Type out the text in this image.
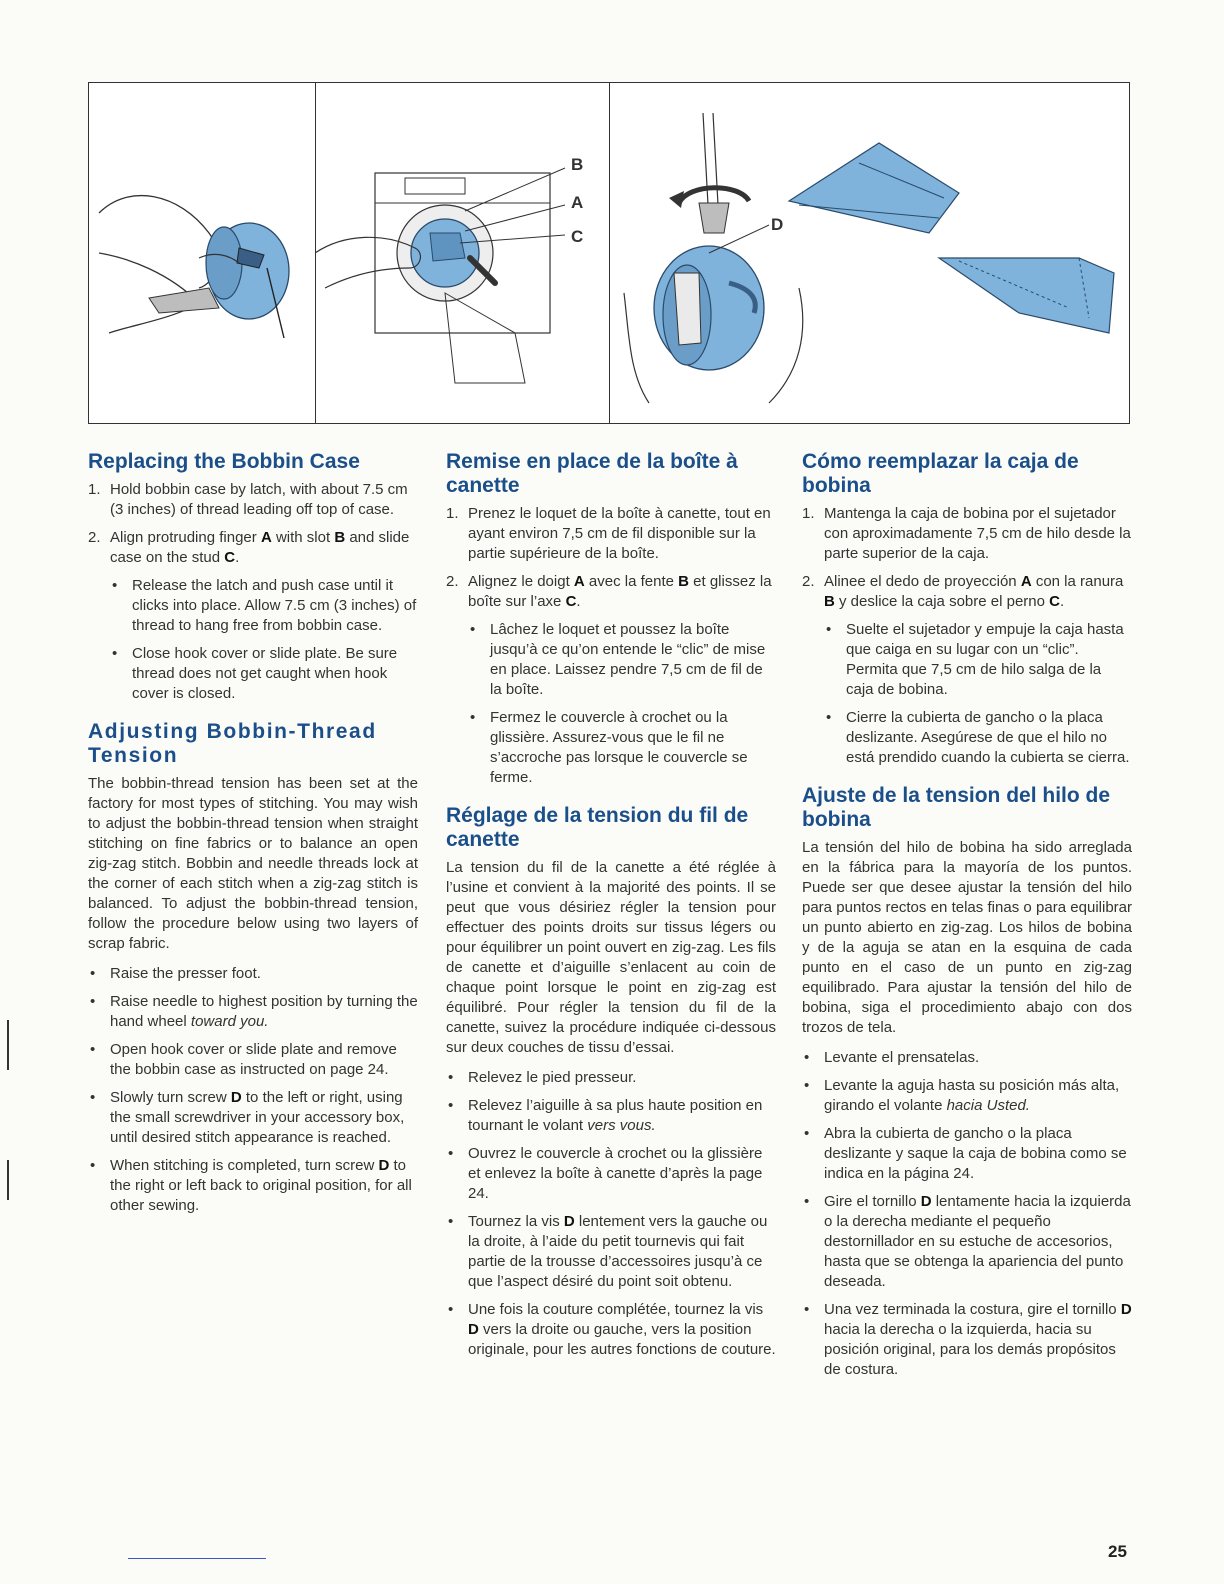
B
A
C
D
Replacing the Bobbin Case
1. Hold bobbin case by latch, with about 7.5 cm (3 inches) of thread leading off top of case.
2. Align protruding finger A with slot B and slide case on the stud C.
• Release the latch and push case until it clicks into place. Allow 7.5 cm (3 inches) of thread to hang free from bobbin case.
• Close hook cover or slide plate. Be sure thread does not get caught when hook cover is closed.
Adjusting Bobbin-Thread Tension

The bobbin-thread tension has been set at the factory for most types of stitching. You may wish to adjust the bobbin-thread tension when straight stitching on fine fabrics or to balance an open zig-zag stitch. Bobbin and needle threads lock at the corner of each stitch when a zig-zag stitch is balanced. To adjust the bobbin-thread tension, follow the procedure below using two layers of scrap fabric.

• Raise the presser foot.
• Raise needle to highest position by turning the hand wheel toward you.
• Open hook cover or slide plate and remove the bobbin case as instructed on page 24.
• Slowly turn screw D to the left or right, using the small screwdriver in your accessory box, until desired stitch appearance is reached.
• When stitching is completed, turn screw D to the right or left back to original position, for all other sewing.
Remise en place de la boîte à canette
1. Prenez le loquet de la boîte à canette, tout en ayant environ 7,5 cm de fil disponible sur la partie supérieure de la boîte.
2. Alignez le doigt A avec la fente B et glissez la boîte sur l’axe C.
• Lâchez le loquet et poussez la boîte jusqu’à ce qu’on entende le “clic” de mise en place. Laissez pendre 7,5 cm de fil de la boîte.
• Fermez le couvercle à crochet ou la glissière. Assurez-vous que le fil ne s’accroche pas lorsque le couvercle se ferme.
Réglage de la tension du fil de canette

La tension du fil de la canette a été réglée à l’usine et convient à la majorité des points. Il se peut que vous désiriez régler la tension pour effectuer des points droits sur tissus légers ou pour équilibrer un point ouvert en zig-zag. Les fils de canette et d’aiguille s’enlacent au coin de chaque point lorsque le point en zig-zag est équilibré. Pour régler la tension du fil de la canette, suivez la procédure indiquée ci-dessous sur deux couches de tissu d’essai.

• Relevez le pied presseur.
• Relevez l’aiguille à sa plus haute position en tournant le volant vers vous.
• Ouvrez le couvercle à crochet ou la glissière et enlevez la boîte à canette d’après la page 24.
• Tournez la vis D lentement vers la gauche ou la droite, à l’aide du petit tournevis qui fait partie de la trousse d’accessoires jusqu’à ce que l’aspect désiré du point soit obtenu.
• Une fois la couture complétée, tournez la vis D vers la droite ou gauche, vers la position originale, pour les autres fonctions de couture.
Cómo reemplazar la caja de bobina
1. Mantenga la caja de bobina por el sujetador con aproximadamente 7,5 cm de hilo desde la parte superior de la caja.
2. Alinee el dedo de proyección A con la ranura B y deslice la caja sobre el perno C.
• Suelte el sujetador y empuje la caja hasta que caiga en su lugar con un “clic”. Permita que 7,5 cm de hilo salga de la caja de bobina.
• Cierre la cubierta de gancho o la placa deslizante. Asegúrese de que el hilo no está prendido cuando la cubierta se cierra.
Ajuste de la tension del hilo de bobina

La tensión del hilo de bobina ha sido arreglada en la fábrica para la mayoría de los puntos. Puede ser que desee ajustar la tensión del hilo para puntos rectos en telas finas o para equilibrar un punto abierto en zig-zag. Los hilos de bobina y de la aguja se atan en la esquina de cada punto en el caso de un punto en zig-zag equilibrado. Para ajustar la tensión del hilo de bobina, siga el procedimiento abajo con dos trozos de tela.

• Levante el prensatelas.
• Levante la aguja hasta su posición más alta, girando el volante hacia Usted.
• Abra la cubierta de gancho o la placa deslizante y saque la caja de bobina como se indica en la página 24.
• Gire el tornillo D lentamente hacia la izquierda o la derecha mediante el pequeño destornillador en su estuche de accesorios, hasta que se obtenga la apariencia del punto deseada.
• Una vez terminada la costura, gire el tornillo D hacia la derecha o la izquierda, hacia su posición original, para los demás propósitos de costura.
25
